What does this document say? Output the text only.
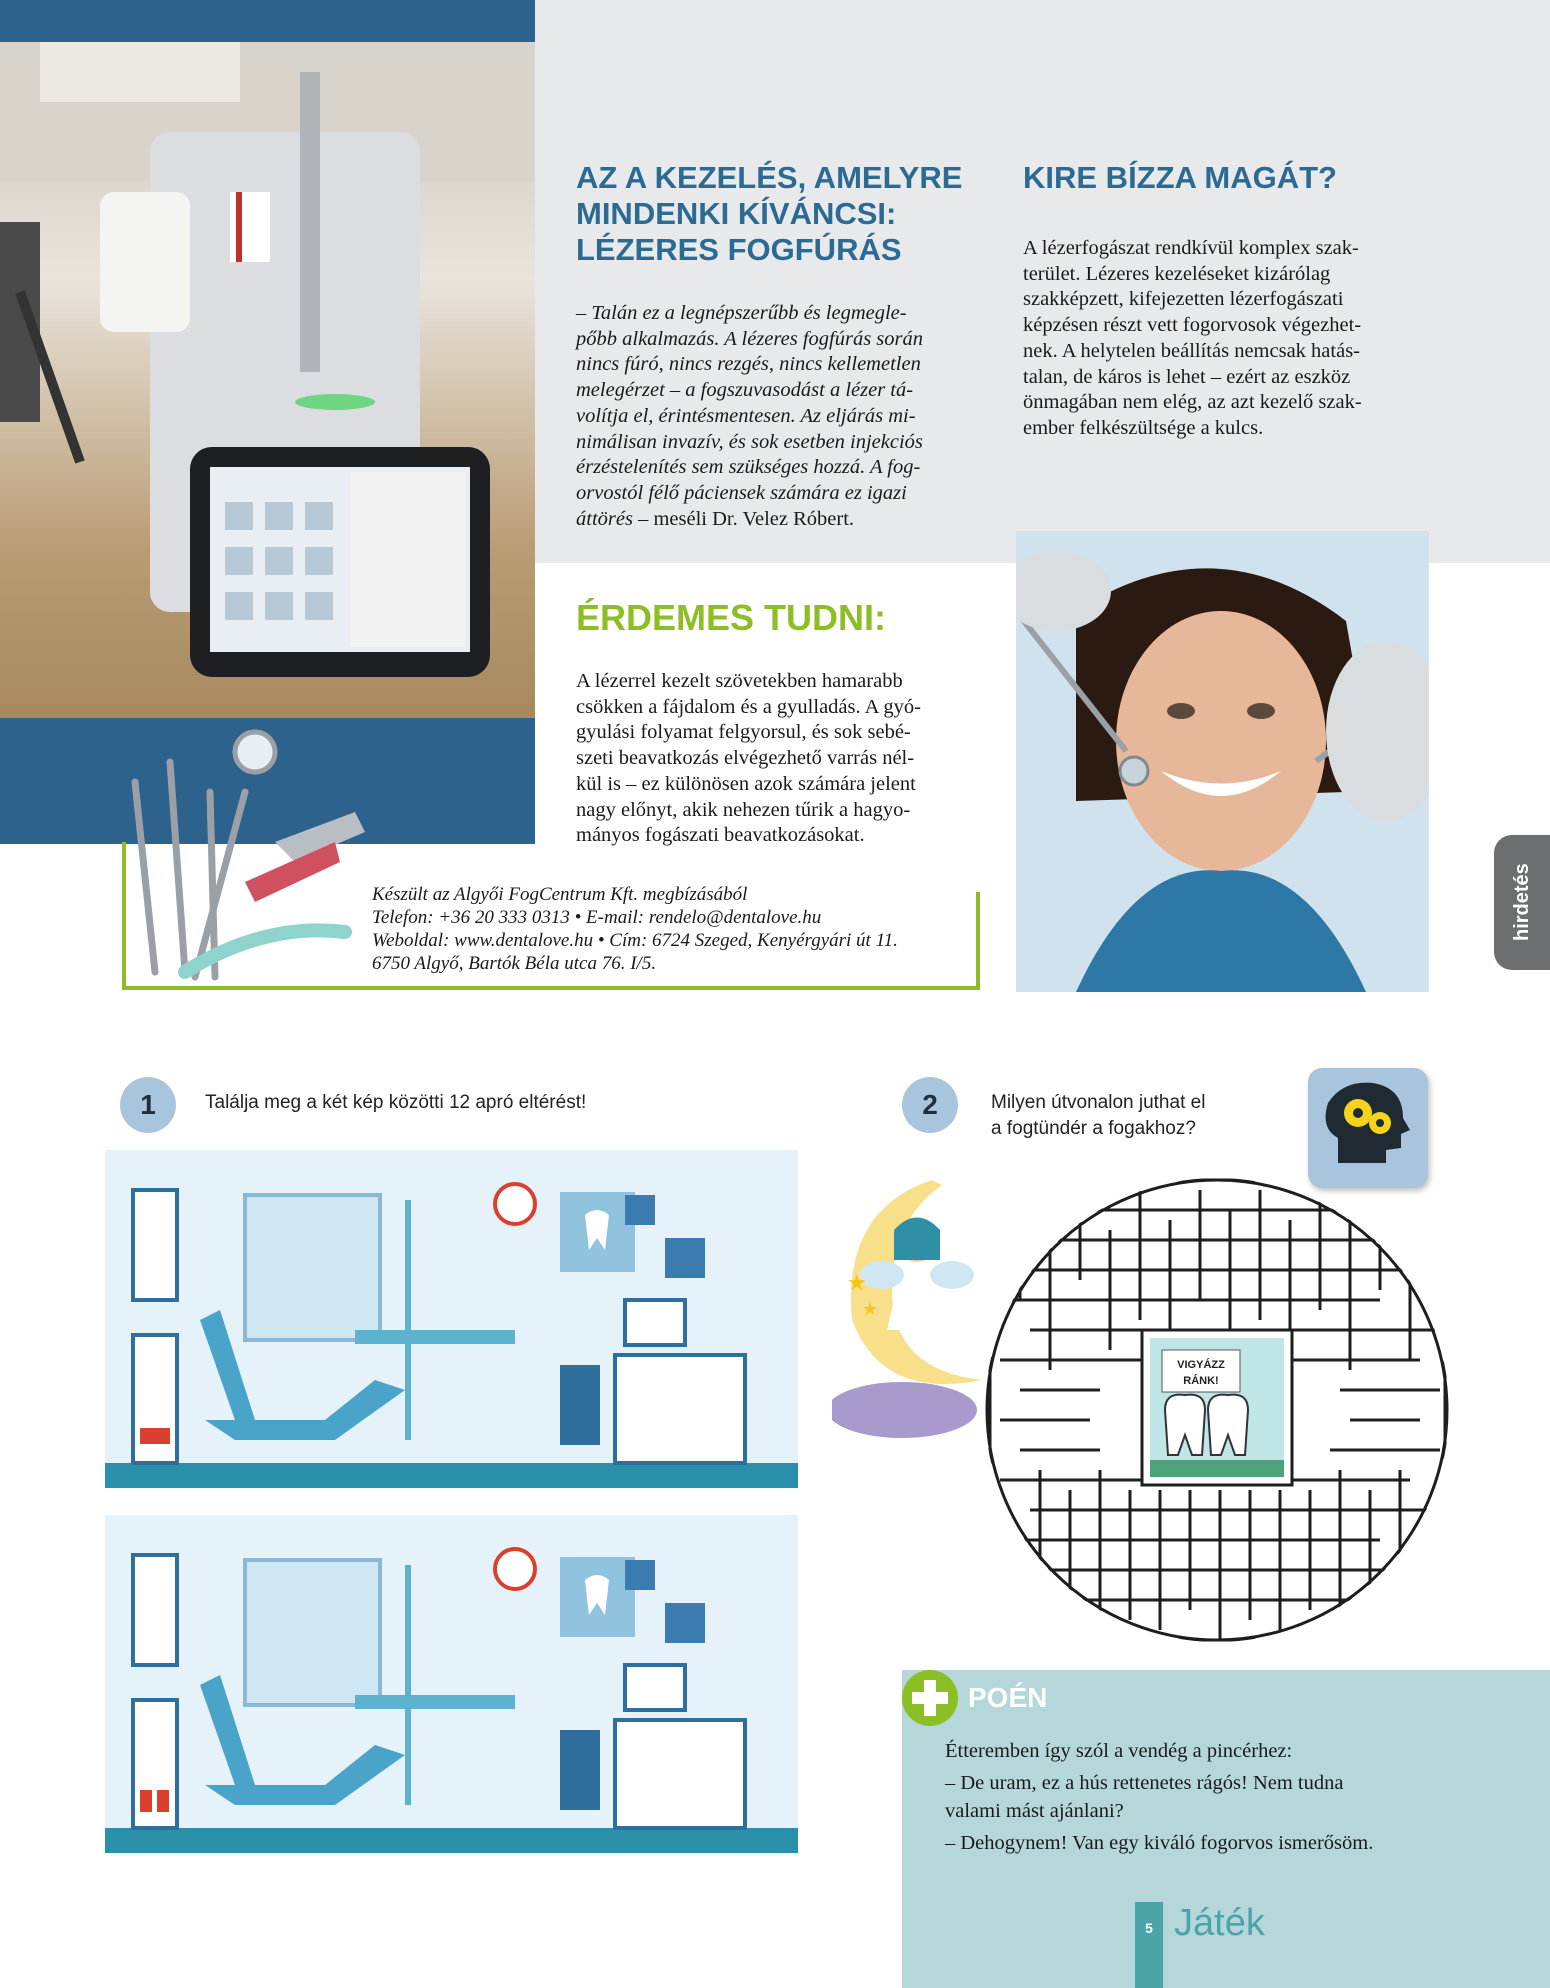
AZ A KEZELÉS, AMELYRE
MINDENKI KÍVÁNCSI:
LÉZERES FOGFÚRÁS
– Talán ez a legnépszerűbb és legmegle-
pőbb alkalmazás. A lézeres fogfúrás során
nincs fúró, nincs rezgés, nincs kellemetlen
melegérzet – a fogszuvasodást a lézer tá-
volítja el, érintésmentesen. Az eljárás mi-
nimálisan invazív, és sok esetben injekciós
érzéstelenítés sem szükséges hozzá. A fog-
orvostól félő páciensek számára ez igazi
áttörés – meséli Dr. Velez Róbert.
KIRE BÍZZA MAGÁT?
A lézerfogászat rendkívül komplex szak-
terület. Lézeres kezeléseket kizárólag
szakképzett, kifejezetten lézerfogászati
képzésen részt vett fogorvosok végezhet-
nek. A helytelen beállítás nemcsak hatás-
talan, de káros is lehet – ezért az eszköz
önmagában nem elég, az azt kezelő szak-
ember felkészültsége a kulcs.
ÉRDEMES TUDNI:
A lézerrel kezelt szövetekben hamarabb
csökken a fájdalom és a gyulladás. A gyó-
gyulási folyamat felgyorsul, és sok sebé-
szeti beavatkozás elvégezhető varrás nél-
kül is – ez különösen azok számára jelent
nagy előnyt, akik nehezen tűrik a hagyo-
mányos fogászati beavatkozásokat.
Készült az Algyői FogCentrum Kft. megbízásából
Telefon: +36 20 333 0313 • E-mail: rendelo@dentalove.hu
Weboldal: www.dentalove.hu • Cím: 6724 Szeged, Kenyérgyári út 11.
6750 Algyő, Bartók Béla utca 76. I/5.
hirdetés
1	Találja meg a két kép közötti 12 apró eltérést!	2	Milyen útvonalon juthat el
a fogtündér a fogakhoz?
★
★
VIGYÁZZ
RÁNK!
POÉN
Étteremben így szól a vendég a pincérhez:
– De uram, ez a hús rettenetes rágós! Nem tudna
valami mást ajánlani?
– Dehogynem! Van egy kiváló fogorvos ismerősöm.
5 Játék
